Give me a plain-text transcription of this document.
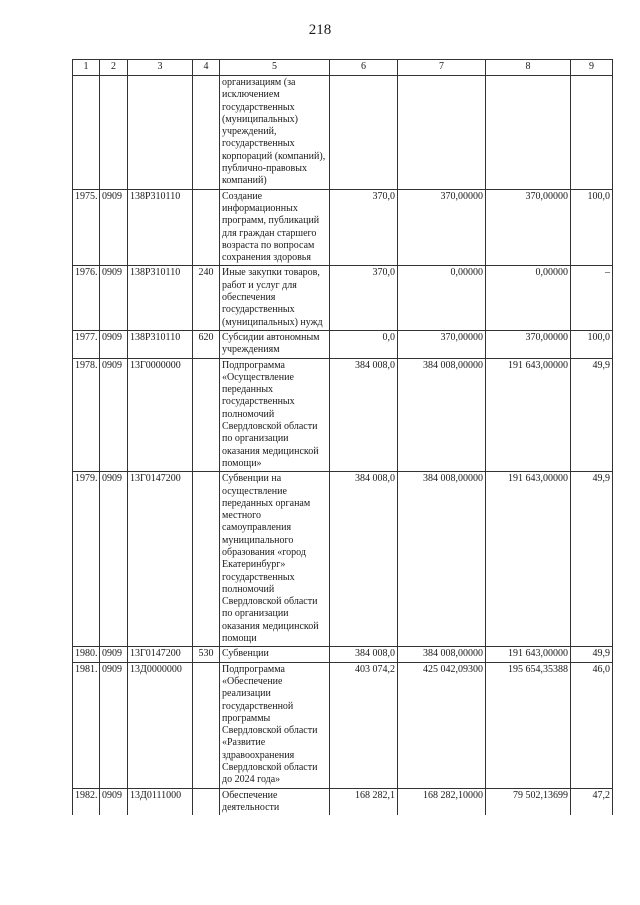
218
1	2	3	4	5	6	7	8	9
				организациям (за исключением государственных (муниципальных) учреждений, государственных корпораций (компаний), публично-правовых компаний)				
1975.	0909	138P310110		Создание информационных программ, публикаций для граждан старшего возраста по вопросам сохранения здоровья	370,0	370,00000	370,00000	100,0
1976.	0909	138P310110	240	Иные закупки товаров, работ и услуг для обеспечения государственных (муниципальных) нужд	370,0	0,00000	0,00000	–
1977.	0909	138P310110	620	Субсидии автономным учреждениям	0,0	370,00000	370,00000	100,0
1978.	0909	13Г0000000		Подпрограмма «Осуществление переданных государственных полномочий Свердловской области по организации оказания медицинской помощи»	384 008,0	384 008,00000	191 643,00000	49,9
1979.	0909	13Г0147200		Субвенции на осуществление переданных органам местного самоуправления муниципального образования «город Екатеринбург» государственных полномочий Свердловской области по организации оказания медицинской помощи	384 008,0	384 008,00000	191 643,00000	49,9
1980.	0909	13Г0147200	530	Субвенции	384 008,0	384 008,00000	191 643,00000	49,9
1981.	0909	13Д0000000		Подпрограмма «Обеспечение реализации государственной программы Свердловской области «Развитие здравоохранения Свердловской области до 2024 года»	403 074,2	425 042,09300	195 654,35388	46,0
1982.	0909	13Д0111000		Обеспечение деятельности	168 282,1	168 282,10000	79 502,13699	47,2
